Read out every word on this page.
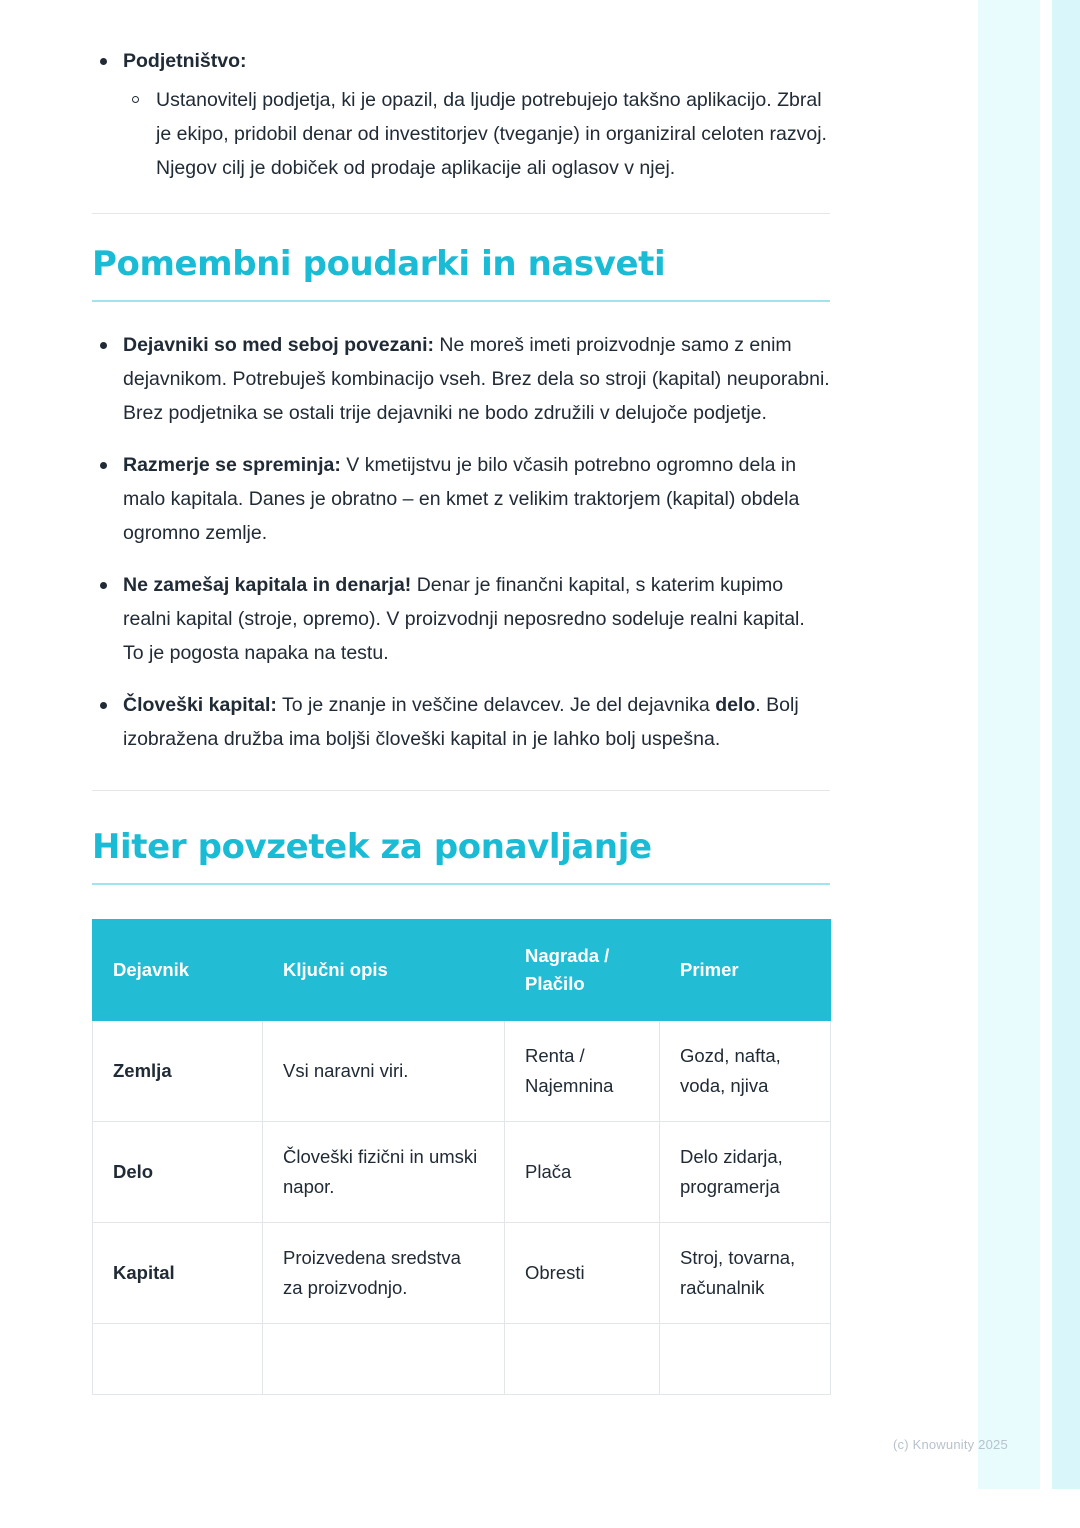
Podjetništvo:
Ustanovitelj podjetja, ki je opazil, da ljudje potrebujejo takšno aplikacijo. Zbral je ekipo, pridobil denar od investitorjev (tveganje) in organiziral celoten razvoj. Njegov cilj je dobiček od prodaje aplikacije ali oglasov v njej.
Pomembni poudarki in nasveti
Dejavniki so med seboj povezani: Ne moreš imeti proizvodnje samo z enim dejavnikom. Potrebuješ kombinacijo vseh. Brez dela so stroji (kapital) neuporabni. Brez podjetnika se ostali trije dejavniki ne bodo združili v delujoče podjetje.
Razmerje se spreminja: V kmetijstvu je bilo včasih potrebno ogromno dela in malo kapitala. Danes je obratno – en kmet z velikim traktorjem (kapital) obdela ogromno zemlje.
Ne zamešaj kapitala in denarja! Denar je finančni kapital, s katerim kupimo realni kapital (stroje, opremo). V proizvodnji neposredno sodeluje realni kapital. To je pogosta napaka na testu.
Človeški kapital: To je znanje in veščine delavcev. Je del dejavnika delo. Bolj izobražena družba ima boljši človeški kapital in je lahko bolj uspešna.
Hiter povzetek za ponavljanje
Dejavnik	Ključni opis	Nagrada / Plačilo	Primer
Zemlja	Vsi naravni viri.	Renta / Najemnina	Gozd, nafta, voda, njiva
Delo	Človeški fizični in umski napor.	Plača	Delo zidarja, programerja
Kapital	Proizvedena sredstva za proizvodnjo.	Obresti	Stroj, tovarna, računalnik

(c) Knowunity 2025
